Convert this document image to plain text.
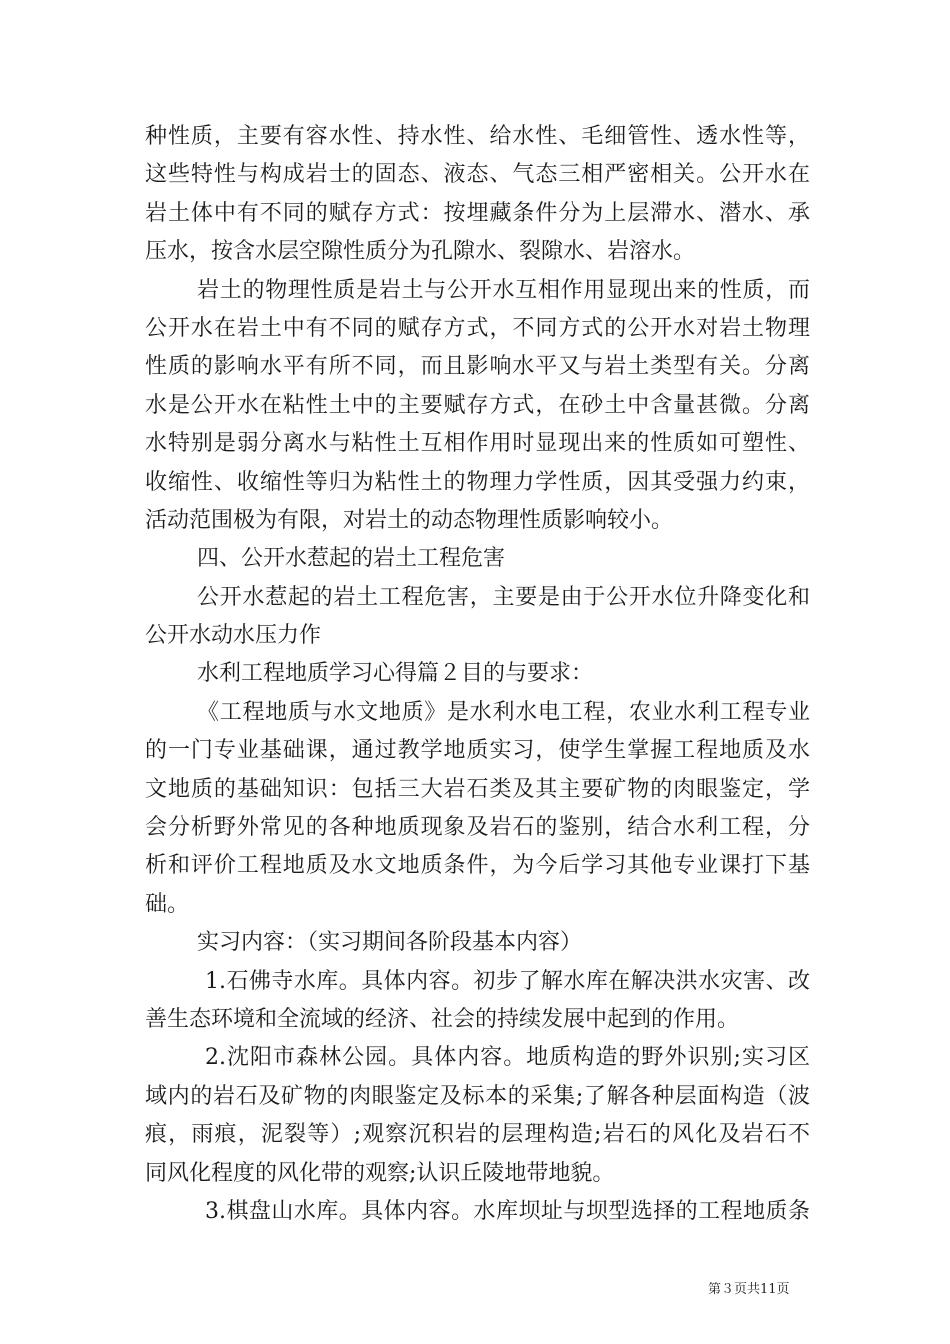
种性质，主要有容水性、持水性、给水性、毛细管性、透水性等，

这些特性与构成岩士的固态、液态、气态三相严密相关。公开水在

岩土体中有不同的赋存方式：按埋藏条件分为上层滞水、潜水、承

压水，按含水层空隙性质分为孔隙水、裂隙水、岩溶水。

岩土的物理性质是岩土与公开水互相作用显现出来的性质，而

公开水在岩土中有不同的赋存方式，不同方式的公开水对岩土物理

性质的影响水平有所不同，而且影响水平又与岩土类型有关。分离

水是公开水在粘性土中的主要赋存方式，在砂土中含量甚微。分离

水特别是弱分离水与粘性土互相作用时显现出来的性质如可塑性、

收缩性、收缩性等归为粘性土的物理力学性质，因其受强力约束，

活动范围极为有限，对岩土的动态物理性质影响较小。

四、公开水惹起的岩土工程危害

公开水惹起的岩土工程危害，主要是由于公开水位升降变化和

公开水动水压力作

水利工程地质学习心得篇２目的与要求：

《工程地质与水文地质》是水利水电工程，农业水利工程专业

的一门专业基础课，通过教学地质实习，使学生掌握工程地质及水

文地质的基础知识：包括三大岩石类及其主要矿物的肉眼鉴定，学

会分析野外常见的各种地质现象及岩石的鉴别，结合水利工程，分

析和评价工程地质及水文地质条件，为今后学习其他专业课打下基

础。

实习内容：（实习期间各阶段基本内容）

1.石佛寺水库。具体内容。初步了解水库在解决洪水灾害、改

善生态环境和全流域的经济、社会的持续发展中起到的作用。

2.沈阳市森林公园。具体内容。地质构造的野外识别;实习区

域内的岩石及矿物的肉眼鉴定及标本的采集;了解各种层面构造（波

痕，雨痕，泥裂等）;观察沉积岩的层理构造;岩石的风化及岩石不

同风化程度的风化带的观察;认识丘陵地带地貌。

3.棋盘山水库。具体内容。水库坝址与坝型选择的工程地质条

第３页共11页
